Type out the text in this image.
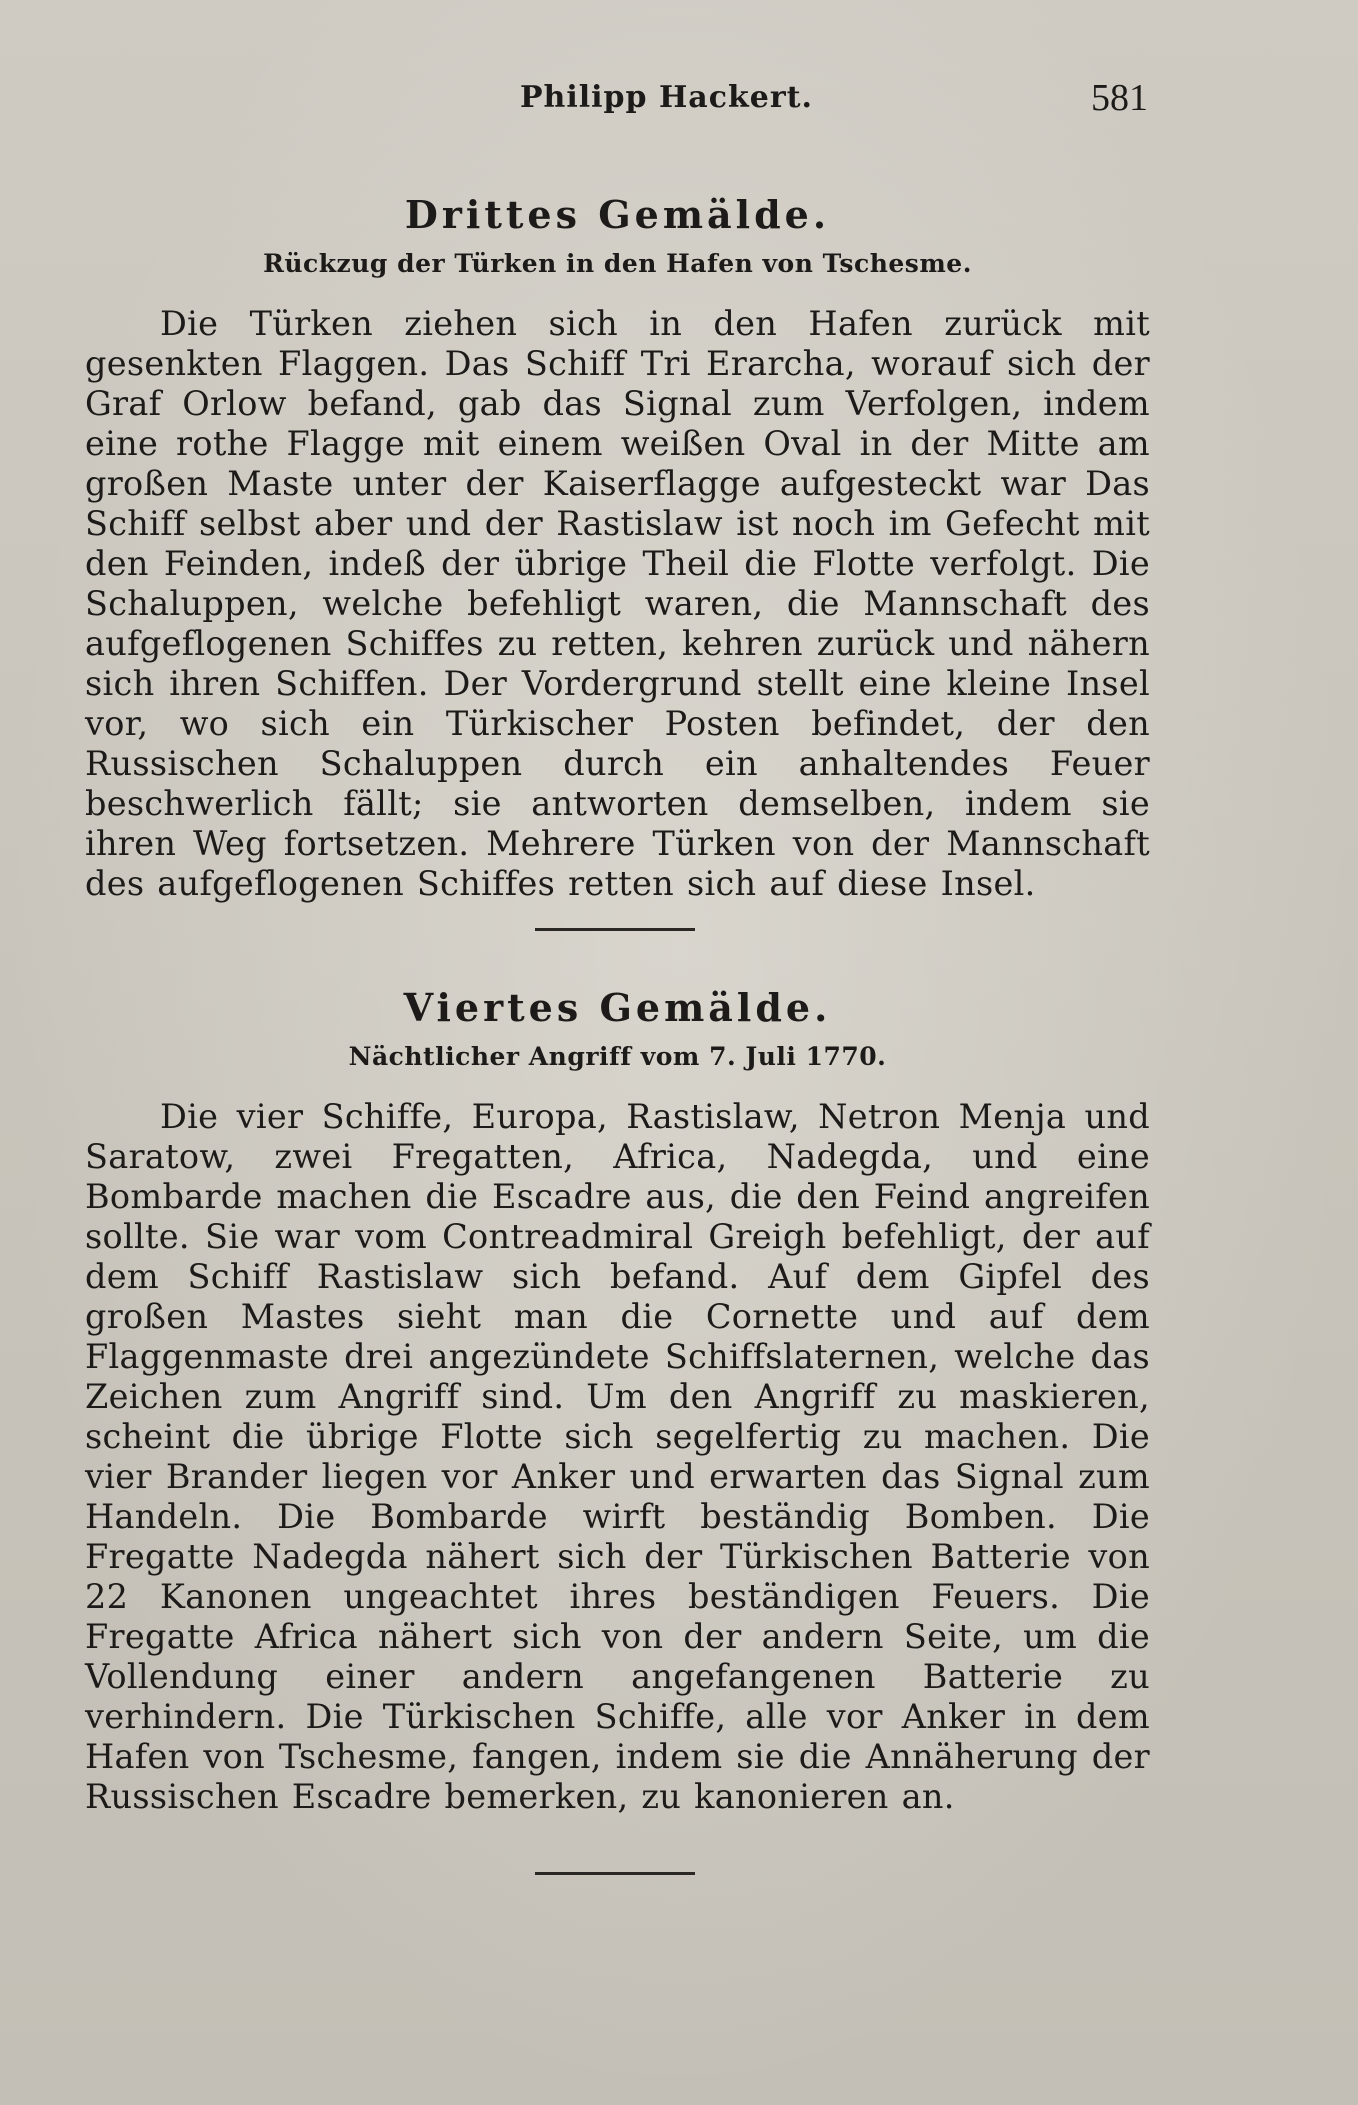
Philipp Hackert.	581
Drittes Gemälde.
Rückzug der Türken in den Hafen von Tschesme.

Die Türken ziehen sich in den Hafen zurück mit gesenkten Flaggen. Das Schiff Tri Erarcha, worauf sich der Graf Orlow befand, gab das Signal zum Verfolgen, indem eine rothe Flagge mit einem weißen Oval in der Mitte am großen Maste unter der Kaiserflagge aufgesteckt war Das Schiff selbst aber und der Rastislaw ist noch im Gefecht mit den Feinden, indeß der übrige Theil die Flotte verfolgt. Die Schaluppen, welche befehligt waren, die Mannschaft des aufgeflogenen Schiffes zu retten, kehren zurück und nähern sich ihren Schiffen. Der Vordergrund stellt eine kleine Insel vor, wo sich ein Türkischer Posten befindet, der den Russischen Schaluppen durch ein anhaltendes Feuer beschwerlich fällt; sie antworten demselben, indem sie ihren Weg fortsetzen. Mehrere Türken von der Mannschaft des aufgeflogenen Schiffes retten sich auf diese Insel.

Viertes Gemälde.
Nächtlicher Angriff vom 7. Juli 1770.

Die vier Schiffe, Europa, Rastislaw, Netron Menja und Saratow, zwei Fregatten, Africa, Nadegda, und eine Bombarde machen die Escadre aus, die den Feind angreifen sollte. Sie war vom Contreadmiral Greigh befehligt, der auf dem Schiff Rastislaw sich befand. Auf dem Gipfel des großen Mastes sieht man die Cornette und auf dem Flaggenmaste drei angezündete Schiffslaternen, welche das Zeichen zum Angriff sind. Um den Angriff zu maskieren, scheint die übrige Flotte sich segelfertig zu machen. Die vier Brander liegen vor Anker und erwarten das Signal zum Handeln. Die Bombarde wirft beständig Bomben. Die Fregatte Nadegda nähert sich der Türkischen Batterie von 22 Kanonen ungeachtet ihres beständigen Feuers. Die Fregatte Africa nähert sich von der andern Seite, um die Vollendung einer andern angefangenen Batterie zu verhindern. Die Türkischen Schiffe, alle vor Anker in dem Hafen von Tschesme, fangen, indem sie die Annäherung der Russischen Escadre bemerken, zu kanonieren an.
